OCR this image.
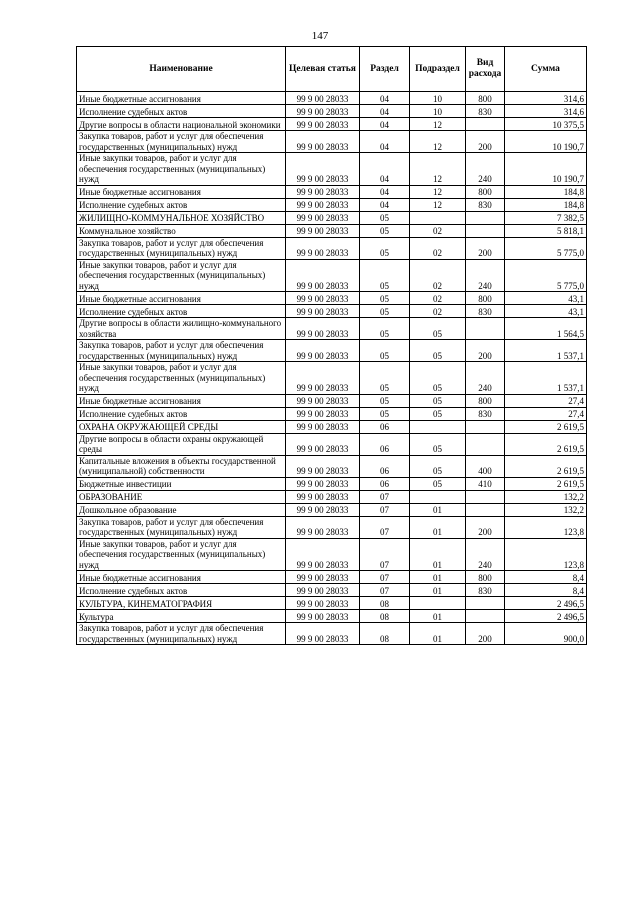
147
Наименование	Целевая статья	Раздел	Подраздел	Вид расхода	Сумма
Иные бюджетные ассигнования	99 9 00 28033	04	10	800	314,6
Исполнение судебных актов	99 9 00 28033	04	10	830	314,6
Другие вопросы в области национальной экономики	99 9 00 28033	04	12		10 375,5
Закупка товаров, работ и услуг для обеспечения государственных (муниципальных) нужд	99 9 00 28033	04	12	200	10 190,7
Иные закупки товаров, работ и услуг для обеспечения государственных (муниципальных) нужд	99 9 00 28033	04	12	240	10 190,7
Иные бюджетные ассигнования	99 9 00 28033	04	12	800	184,8
Исполнение судебных актов	99 9 00 28033	04	12	830	184,8
ЖИЛИЩНО-КОММУНАЛЬНОЕ ХОЗЯЙСТВО	99 9 00 28033	05			7 382,5
Коммунальное хозяйство	99 9 00 28033	05	02		5 818,1
Закупка товаров, работ и услуг для обеспечения государственных (муниципальных) нужд	99 9 00 28033	05	02	200	5 775,0
Иные закупки товаров, работ и услуг для обеспечения государственных (муниципальных) нужд	99 9 00 28033	05	02	240	5 775,0
Иные бюджетные ассигнования	99 9 00 28033	05	02	800	43,1
Исполнение судебных актов	99 9 00 28033	05	02	830	43,1
Другие вопросы в области жилищно-коммунального хозяйства	99 9 00 28033	05	05		1 564,5
Закупка товаров, работ и услуг для обеспечения государственных (муниципальных) нужд	99 9 00 28033	05	05	200	1 537,1
Иные закупки товаров, работ и услуг для обеспечения государственных (муниципальных) нужд	99 9 00 28033	05	05	240	1 537,1
Иные бюджетные ассигнования	99 9 00 28033	05	05	800	27,4
Исполнение судебных актов	99 9 00 28033	05	05	830	27,4
ОХРАНА ОКРУЖАЮЩЕЙ СРЕДЫ	99 9 00 28033	06			2 619,5
Другие вопросы в области охраны окружающей среды	99 9 00 28033	06	05		2 619,5
Капитальные вложения в объекты государственной (муниципальной) собственности	99 9 00 28033	06	05	400	2 619,5
Бюджетные инвестиции	99 9 00 28033	06	05	410	2 619,5
ОБРАЗОВАНИЕ	99 9 00 28033	07			132,2
Дошкольное образование	99 9 00 28033	07	01		132,2
Закупка товаров, работ и услуг для обеспечения государственных (муниципальных) нужд	99 9 00 28033	07	01	200	123,8
Иные закупки товаров, работ и услуг для обеспечения государственных (муниципальных) нужд	99 9 00 28033	07	01	240	123,8
Иные бюджетные ассигнования	99 9 00 28033	07	01	800	8,4
Исполнение судебных актов	99 9 00 28033	07	01	830	8,4
КУЛЬТУРА, КИНЕМАТОГРАФИЯ	99 9 00 28033	08			2 496,5
Культура	99 9 00 28033	08	01		2 496,5
Закупка товаров, работ и услуг для обеспечения государственных (муниципальных) нужд	99 9 00 28033	08	01	200	900,0
